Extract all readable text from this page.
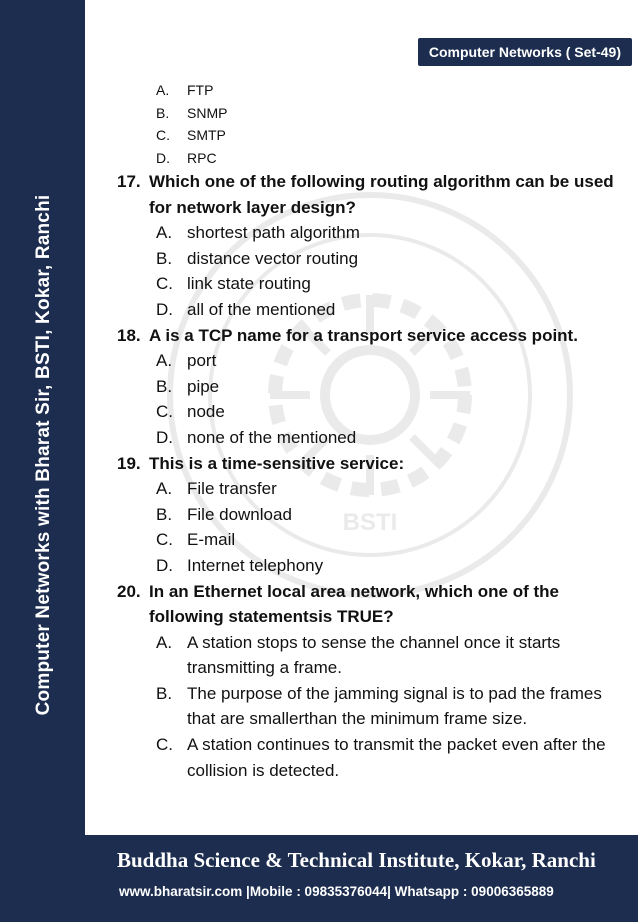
Computer Networks with Bharat Sir, BSTI, Kokar, Ranchi
Computer Networks ( Set-49)
BSTI
A.	FTP
B.	SNMP
C.	SMTP
D.	RPC
17. Which one of the following routing algorithm can be used for network layer design?
A. shortest path algorithm
B. distance vector routing
C. link state routing
D. all of the mentioned
18. A is a TCP name for a transport service access point.
A. port
B. pipe
C. node
D. none of the mentioned
19. This is a time-sensitive service:
A. File transfer
B. File download
C. E-mail
D. Internet telephony
20. In an Ethernet local area network, which one of the following statementsis TRUE?
A. A station stops to sense the channel once it starts transmitting a frame.
B. The purpose of the jamming signal is to pad the frames that are smallerthan the minimum frame size.
C. A station continues to transmit the packet even after the collision is detected.
Buddha Science & Technical Institute, Kokar, Ranchi
www.bharatsir.com |Mobile : 09835376044| Whatsapp : 09006365889
